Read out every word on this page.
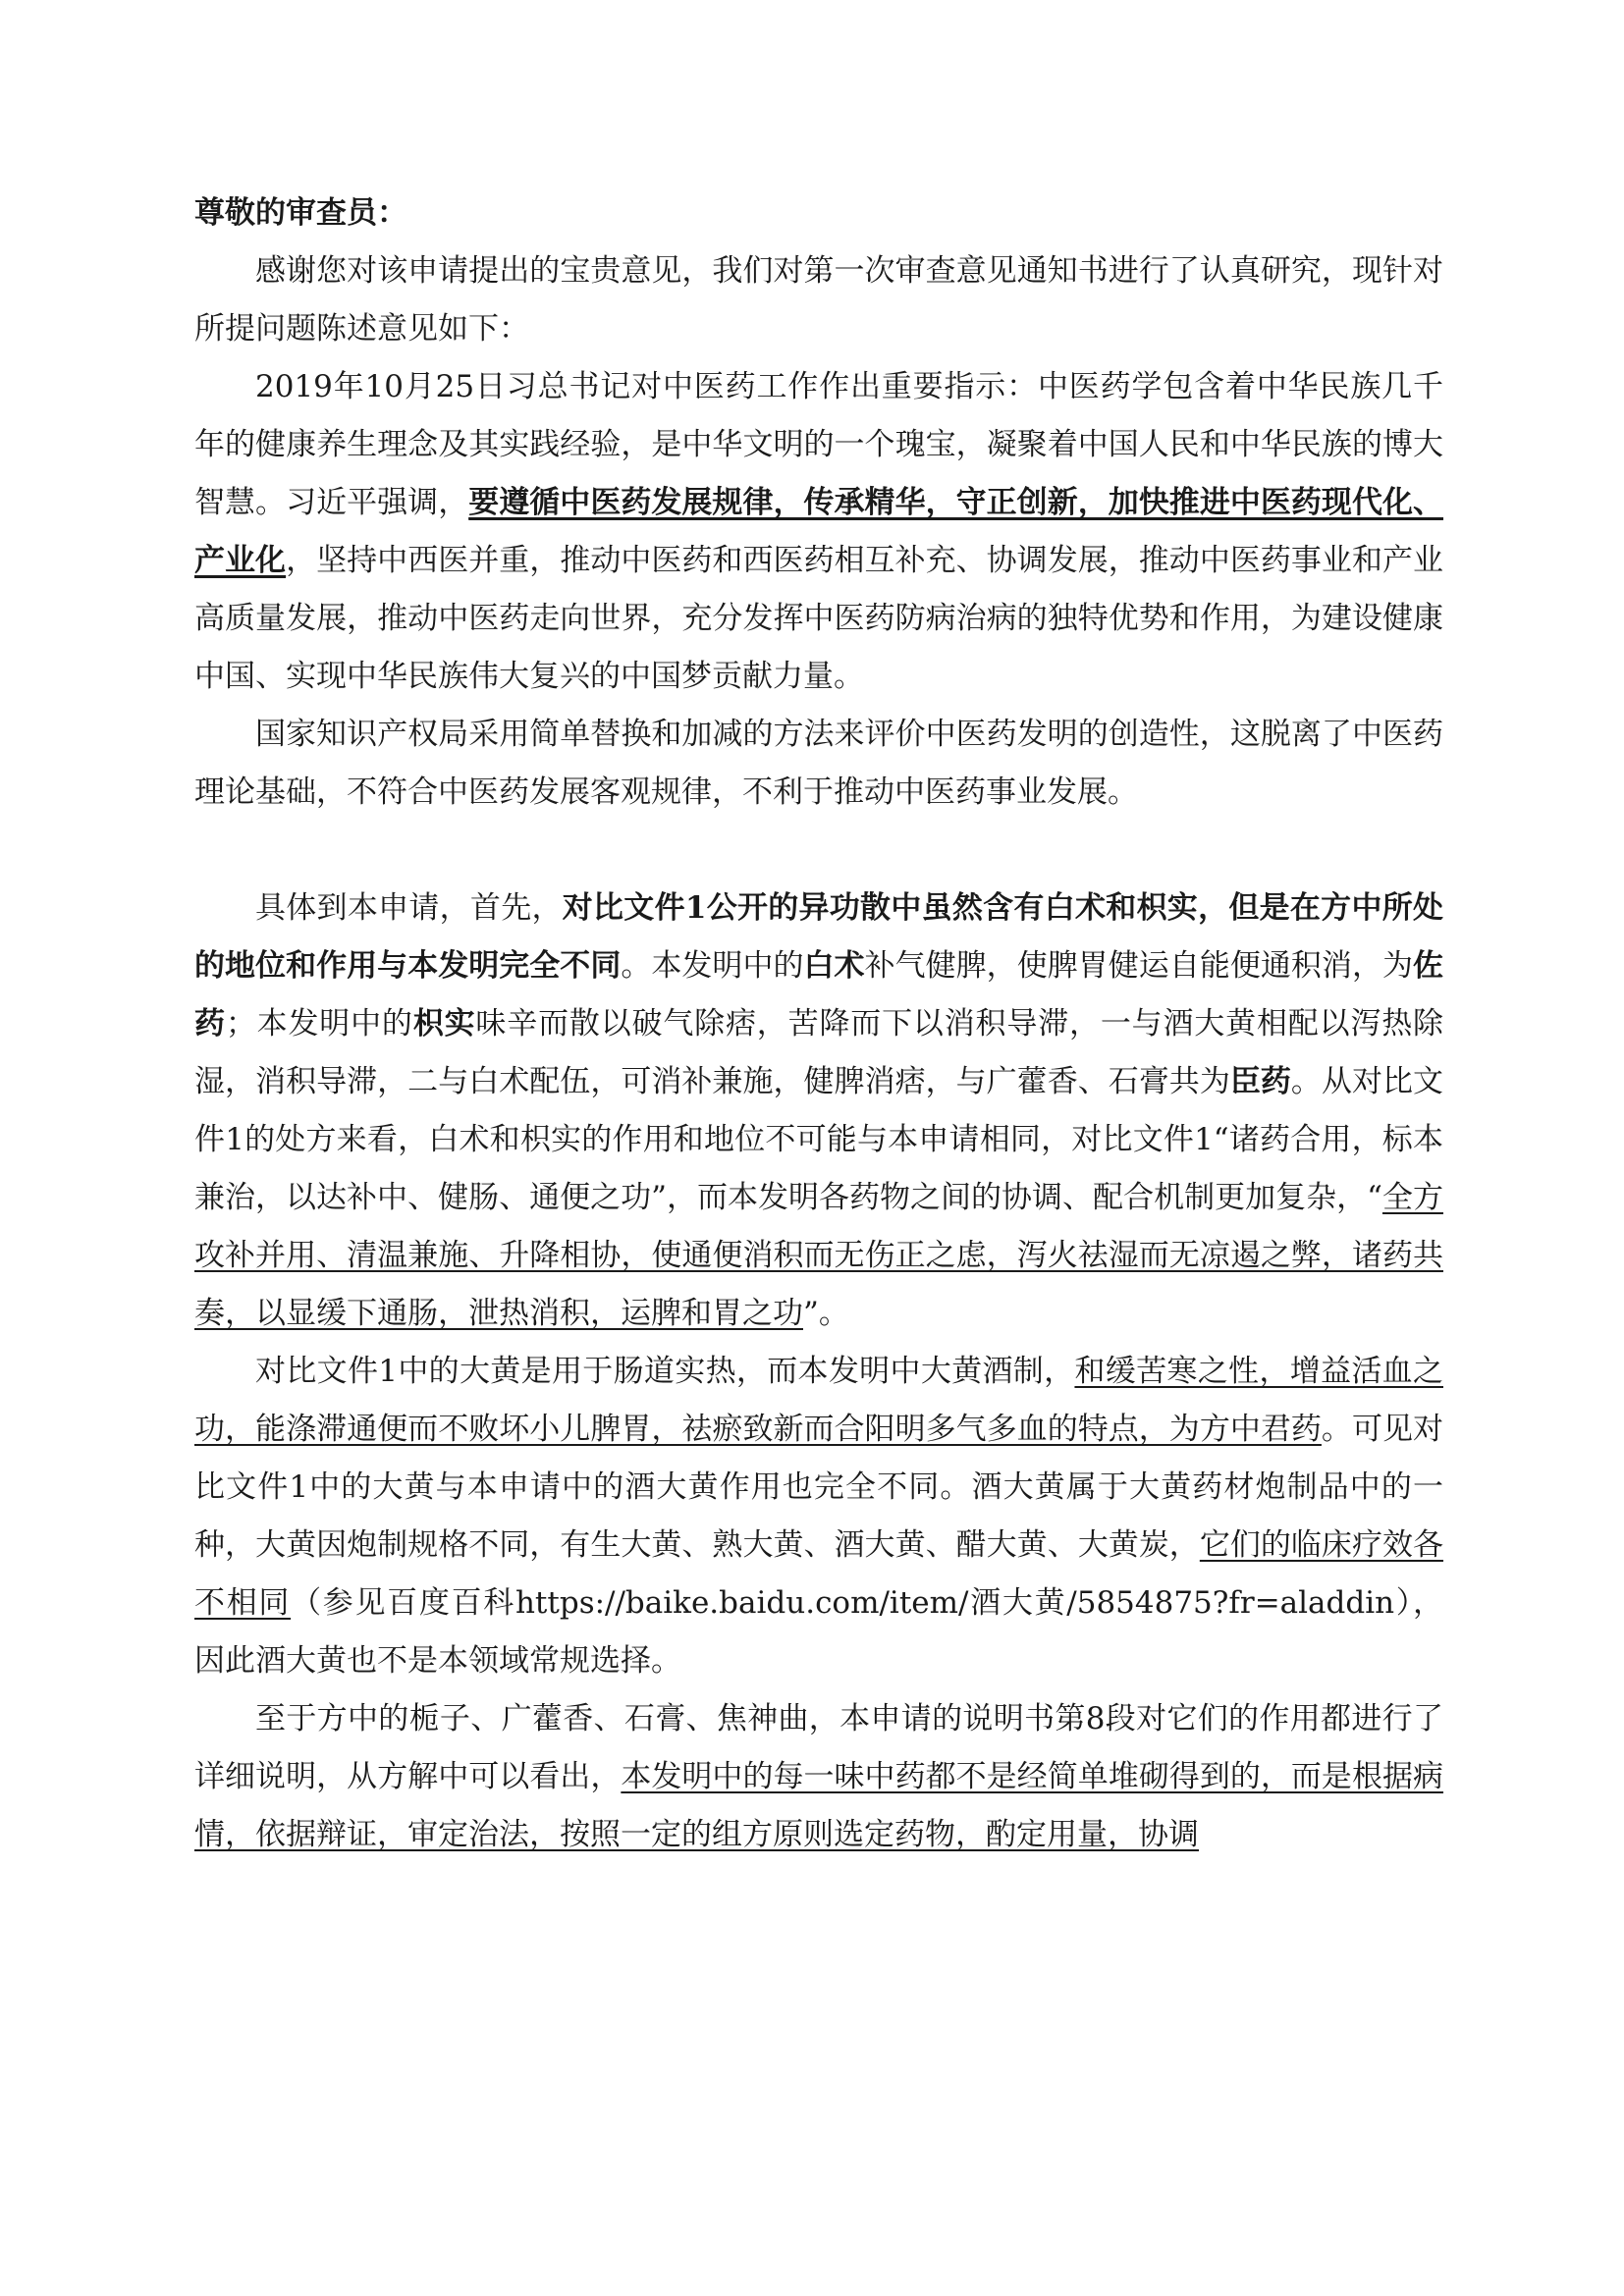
尊敬的审查员：

感谢您对该申请提出的宝贵意见，我们对第一次审查意见通知书进行了认真研究，现针对所提问题陈述意见如下：

2019年10月25日习总书记对中医药工作作出重要指示：中医药学包含着中华民族几千年的健康养生理念及其实践经验，是中华文明的一个瑰宝，凝聚着中国人民和中华民族的博大智慧。习近平强调，要遵循中医药发展规律，传承精华，守正创新，加快推进中医药现代化、产业化，坚持中西医并重，推动中医药和西医药相互补充、协调发展，推动中医药事业和产业高质量发展，推动中医药走向世界，充分发挥中医药防病治病的独特优势和作用，为建设健康中国、实现中华民族伟大复兴的中国梦贡献力量。

国家知识产权局采用简单替换和加减的方法来评价中医药发明的创造性，这脱离了中医药理论基础，不符合中医药发展客观规律，不利于推动中医药事业发展。

具体到本申请，首先，对比文件1公开的异功散中虽然含有白术和枳实，但是在方中所处的地位和作用与本发明完全不同。本发明中的白术补气健脾，使脾胃健运自能便通积消，为佐药；本发明中的枳实味辛而散以破气除痞，苦降而下以消积导滞，一与酒大黄相配以泻热除湿，消积导滞，二与白术配伍，可消补兼施，健脾消痞，与广藿香、石膏共为臣药。从对比文件1的处方来看，白术和枳实的作用和地位不可能与本申请相同，对比文件1“诸药合用，标本兼治，以达补中、健肠、通便之功”，而本发明各药物之间的协调、配合机制更加复杂，“全方攻补并用、清温兼施、升降相协，使通便消积而无伤正之虑，泻火祛湿而无凉遏之弊，诸药共奏，以显缓下通肠，泄热消积，运脾和胃之功”。

对比文件1中的大黄是用于肠道实热，而本发明中大黄酒制，和缓苦寒之性，增益活血之功，能涤滞通便而不败坏小儿脾胃，祛瘀致新而合阳明多气多血的特点，为方中君药。可见对比文件1中的大黄与本申请中的酒大黄作用也完全不同。酒大黄属于大黄药材炮制品中的一种，大黄因炮制规格不同，有生大黄、熟大黄、酒大黄、醋大黄、大黄炭，它们的临床疗效各不相同（参见百度百科https://baike.baidu.com/item/酒大黄/5854875?fr=aladdin），因此酒大黄也不是本领域常规选择。

至于方中的栀子、广藿香、石膏、焦神曲，本申请的说明书第8段对它们的作用都进行了详细说明，从方解中可以看出，本发明中的每一味中药都不是经简单堆砌得到的，而是根据病情，依据辩证，审定治法，按照一定的组方原则选定药物，酌定用量，协调
